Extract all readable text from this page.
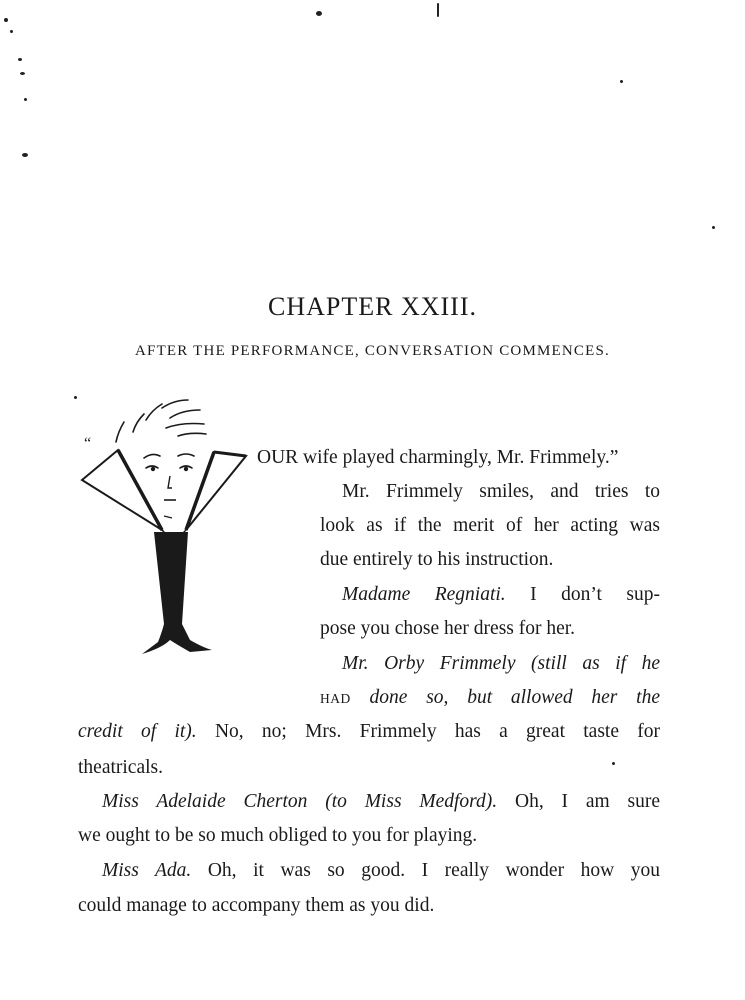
CHAPTER XXIII.
AFTER THE PERFORMANCE, CONVERSATION COMMENCES.

“

OUR wife played charmingly, Mr. Frimmely.”

Mr. Frimmely smiles, and tries to

look as if the merit of her acting was

due entirely to his instruction.

Madame Regniati. I don’t sup-

pose you chose her dress for her.

Mr. Orby Frimmely (still as if he

HAD done so, but allowed her the

credit of it). No, no; Mrs. Frimmely has a great taste for

theatricals.

Miss Adelaide Cherton (to Miss Medford). Oh, I am sure

we ought to be so much obliged to you for playing.

Miss Ada. Oh, it was so good. I really wonder how you

could manage to accompany them as you did.
